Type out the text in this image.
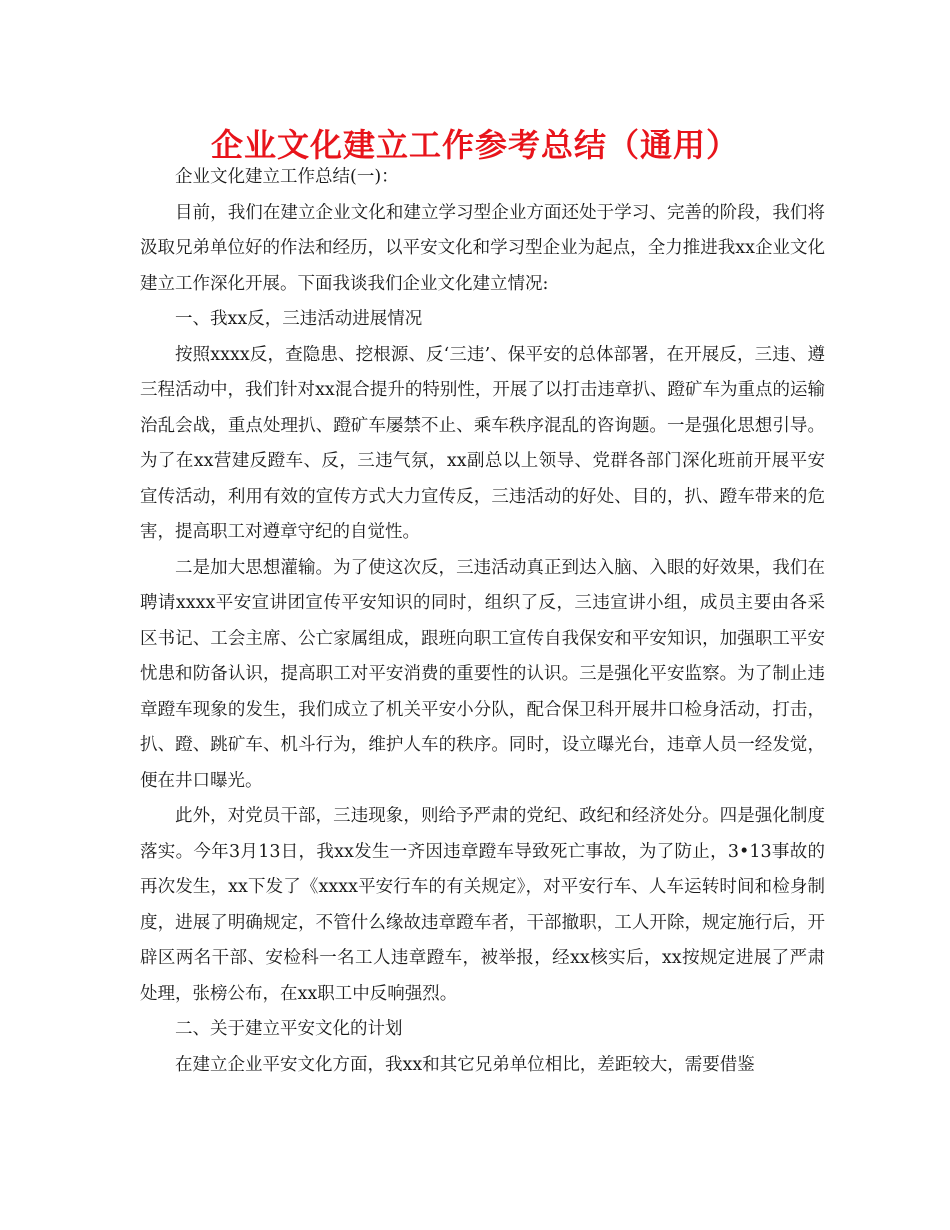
企业文化建立工作参考总结（通用）

企业文化建立工作总结(一)：

目前，我们在建立企业文化和建立学习型企业方面还处于学习、完善的阶段，我们将汲取兄弟单位好的作法和经历，以平安文化和学习型企业为起点，全力推进我xx企业文化建立工作深化开展。下面我谈我们企业文化建立情况:

一、我xx反，三违活动进展情况

按照xxxx反，查隐患、挖根源、反‘三违’、保平安的总体部署，在开展反，三违、遵三程活动中，我们针对xx混合提升的特别性，开展了以打击违章扒、蹬矿车为重点的运输治乱会战，重点处理扒、蹬矿车屡禁不止、乘车秩序混乱的咨询题。一是强化思想引导。为了在xx营建反蹬车、反，三违气氛，xx副总以上领导、党群各部门深化班前开展平安宣传活动，利用有效的宣传方式大力宣传反，三违活动的好处、目的，扒、蹬车带来的危害，提高职工对遵章守纪的自觉性。

二是加大思想灌输。为了使这次反，三违活动真正到达入脑、入眼的好效果，我们在聘请xxxx平安宣讲团宣传平安知识的同时，组织了反，三违宣讲小组，成员主要由各采区书记、工会主席、公亡家属组成，跟班向职工宣传自我保安和平安知识，加强职工平安忧患和防备认识，提高职工对平安消费的重要性的认识。三是强化平安监察。为了制止违章蹬车现象的发生，我们成立了机关平安小分队，配合保卫科开展井口检身活动，打击，扒、蹬、跳矿车、机斗行为，维护人车的秩序。同时，设立曝光台，违章人员一经发觉，便在井口曝光。

此外，对党员干部，三违现象，则给予严肃的党纪、政纪和经济处分。四是强化制度落实。今年3月13日，我xx发生一齐因违章蹬车导致死亡事故，为了防止，3•13事故的再次发生，xx下发了《xxxx平安行车的有关规定》，对平安行车、人车运转时间和检身制度，进展了明确规定，不管什么缘故违章蹬车者，干部撤职，工人开除，规定施行后，开辟区两名干部、安检科一名工人违章蹬车，被举报，经xx核实后，xx按规定进展了严肃处理，张榜公布，在xx职工中反响强烈。

二、关于建立平安文化的计划

在建立企业平安文化方面，我xx和其它兄弟单位相比，差距较大，需要借鉴
